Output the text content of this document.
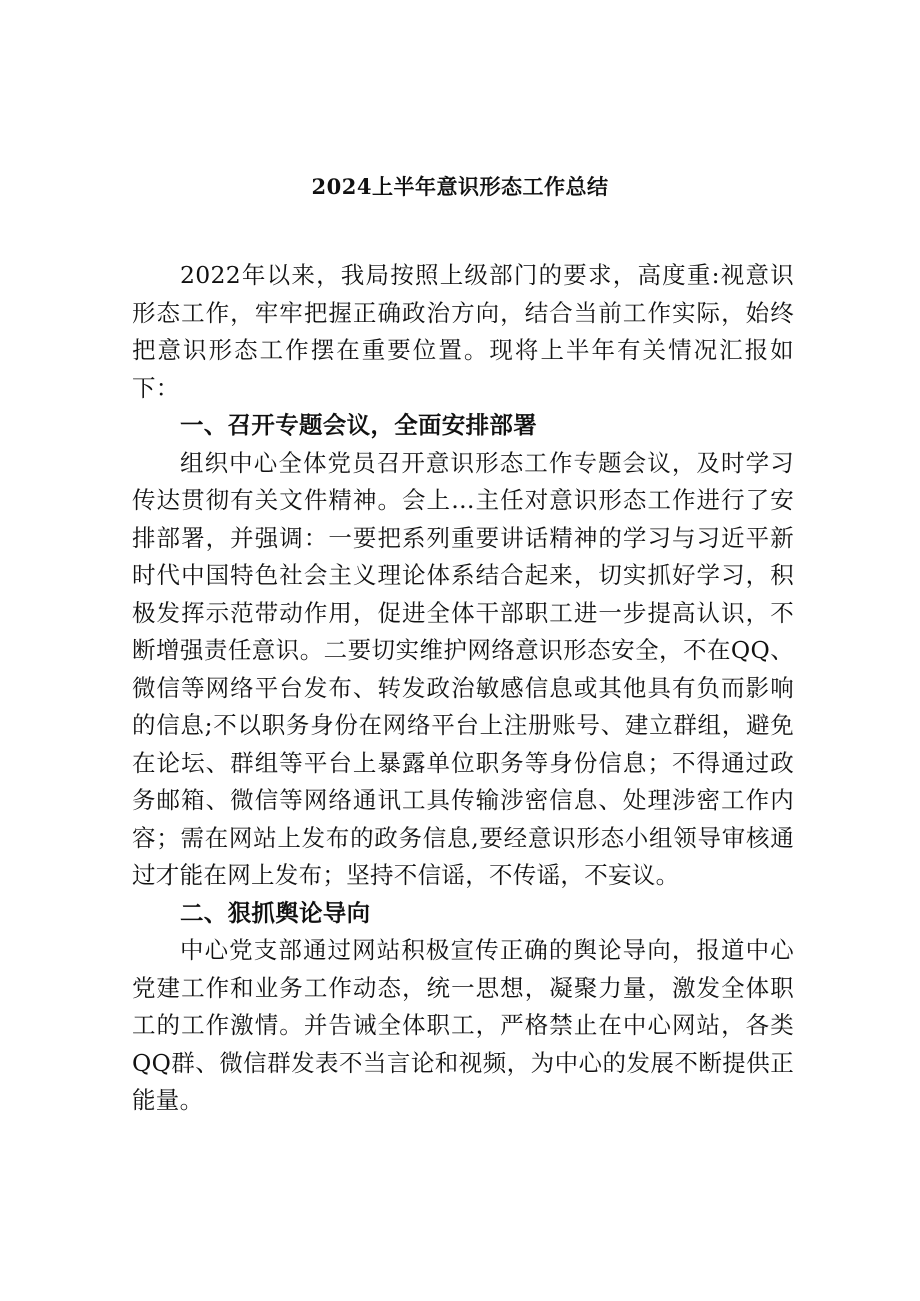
2024上半年意识形态工作总结

2022年以来，我局按照上级部门的要求，高度重:视意识形态工作，牢牢把握正确政治方向，结合当前工作实际，始终把意识形态工作摆在重要位置。现将上半年有关情况汇报如下：

一、召开专题会议，全面安排部署

组织中心全体党员召开意识形态工作专题会议，及时学习传达贯彻有关文件精神。会上…主任对意识形态工作进行了安排部署，并强调：一要把系列重要讲话精神的学习与习近平新时代中国特色社会主义理论体系结合起来，切实抓好学习，积极发挥示范带动作用，促进全体干部职工进一步提高认识，不断增强责任意识。二要切实维护网络意识形态安全，不在QQ、微信等网络平台发布、转发政治敏感信息或其他具有负而影响的信息;不以职务身份在网络平台上注册账号、建立群组，避免在论坛、群组等平台上暴露单位职务等身份信息；不得通过政务邮箱、微信等网络通讯工具传输涉密信息、处理涉密工作内容；需在网站上发布的政务信息,要经意识形态小组领导审核通过才能在网上发布；坚持不信谣，不传谣，不妄议。

二、狠抓舆论导向

中心党支部通过网站积极宣传正确的舆论导向，报道中心党建工作和业务工作动态，统一思想，凝聚力量，激发全体职工的工作激情。并告诫全体职工，严格禁止在中心网站，各类QQ群、微信群发表不当言论和视频，为中心的发展不断提供正能量。
